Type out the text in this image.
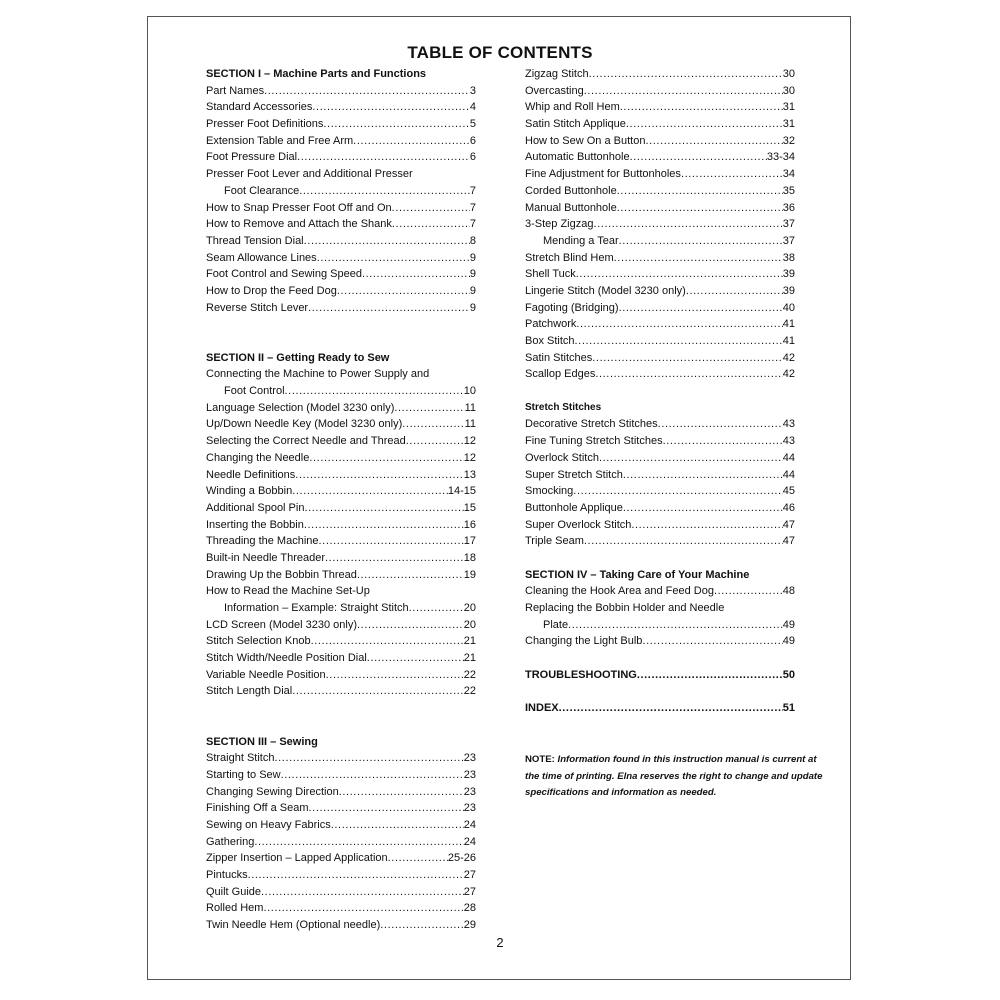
TABLE OF CONTENTS
SECTION I – Machine Parts and Functions
Part Names .....	3
Standard Accessories .....	4
Presser Foot Definitions .....	5
Extension Table and Free Arm .....	6
Foot Pressure Dial .....	6
Presser Foot Lever and Additional Presser
Foot Clearance .....	7
How to Snap Presser Foot Off and On .....	7
How to Remove and Attach the Shank .....	7
Thread Tension Dial .....	8
Seam Allowance Lines .....	9
Foot Control and Sewing Speed .....	9
How to Drop the Feed Dog .....	9
Reverse Stitch Lever .....	9
SECTION II – Getting Ready to Sew
Connecting the Machine to Power Supply and
Foot Control .....	10
Language Selection (Model 3230 only) .....	11
Up/Down Needle Key (Model 3230 only) .....	11
Selecting the Correct Needle and Thread .....	12
Changing the Needle .....	12
Needle Definitions .....	13
Winding a Bobbin .....	14-15
Additional Spool Pin .....	15
Inserting the Bobbin .....	16
Threading the Machine .....	17
Built-in Needle Threader .....	18
Drawing Up the Bobbin Thread .....	19
How to Read the Machine Set-Up
Information – Example: Straight Stitch .....	20
LCD Screen (Model 3230 only) .....	20
Stitch Selection Knob .....	21
Stitch Width/Needle Position Dial .....	21
Variable Needle Position .....	22
Stitch Length Dial .....	22
SECTION III – Sewing
Straight Stitch .....	23
Starting to Sew .....	23
Changing Sewing Direction .....	23
Finishing Off a Seam .....	23
Sewing on Heavy Fabrics .....	24
Gathering .....	24
Zipper Insertion – Lapped Application .....	25-26
Pintucks .....	27
Quilt Guide .....	27
Rolled Hem .....	28
Twin Needle Hem (Optional needle) .....	29
Zigzag Stitch .....	30
Overcasting .....	30
Whip and Roll Hem .....	31
Satin Stitch Applique .....	31
How to Sew On a Button .....	32
Automatic Buttonhole .....	33-34
Fine Adjustment for Buttonholes .....	34
Corded Buttonhole .....	35
Manual Buttonhole .....	36
3-Step Zigzag .....	37
Mending a Tear .....	37
Stretch Blind Hem .....	38
Shell Tuck .....	39
Lingerie Stitch (Model 3230 only) .....	39
Fagoting (Bridging) .....	40
Patchwork .....	41
Box Stitch .....	41
Satin Stitches .....	42
Scallop Edges .....	42
Stretch Stitches
Decorative Stretch Stitches .....	43
Fine Tuning Stretch Stitches .....	43
Overlock Stitch .....	44
Super Stretch Stitch .....	44
Smocking .....	45
Buttonhole Applique .....	46
Super Overlock Stitch .....	47
Triple Seam .....	47
SECTION IV – Taking Care of Your Machine
Cleaning the Hook Area and Feed Dog .....	48
Replacing the Bobbin Holder and Needle
Plate .....	49
Changing the Light Bulb .....	49
TROUBLESHOOTING .....	50
INDEX .....	51
NOTE: Information found in this instruction manual is current at the time of printing. Elna reserves the right to change and update specifications and information as needed.
2
